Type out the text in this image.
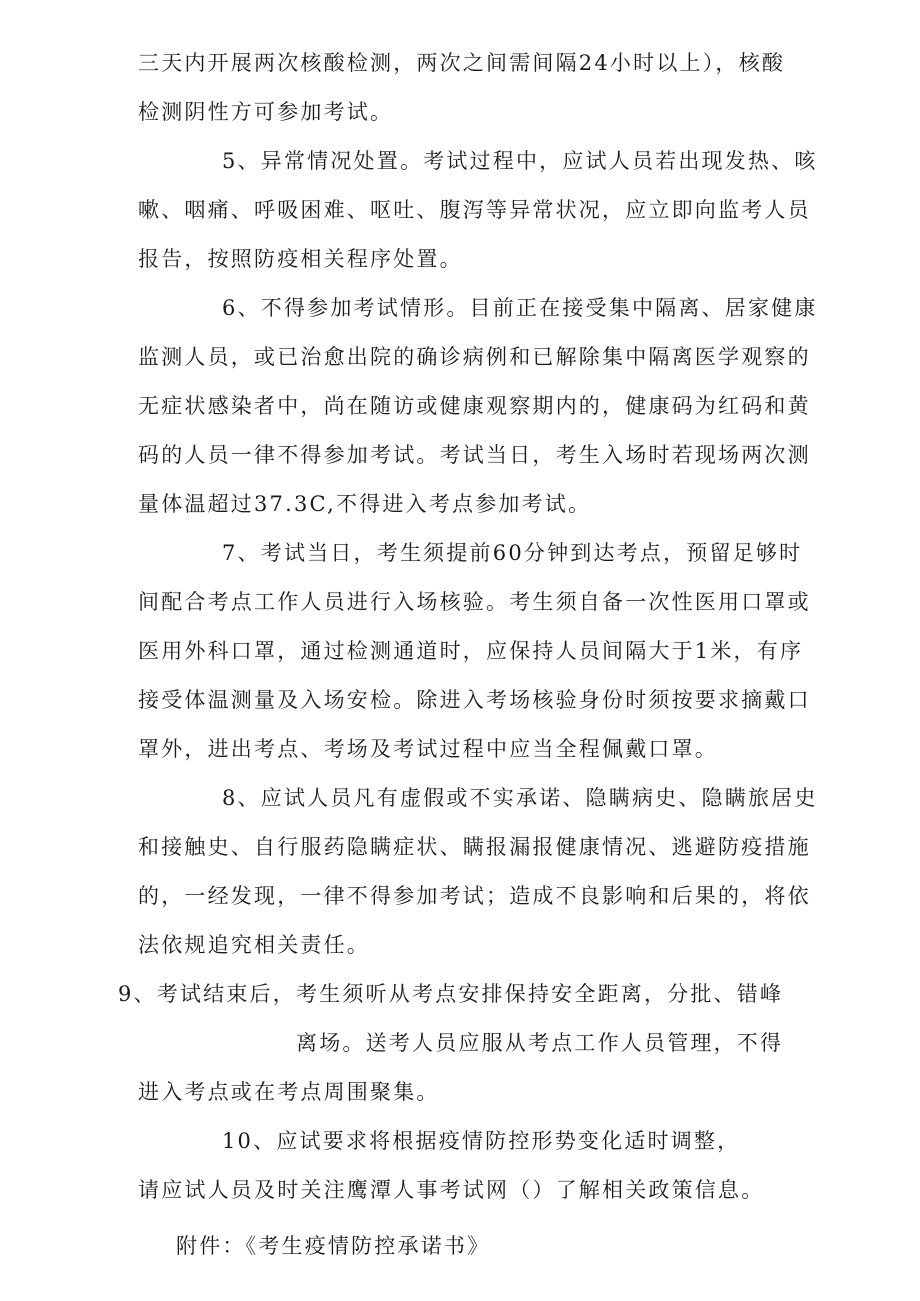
三天内开展两次核酸检测，两次之间需间隔24小时以上），核酸
检测阴性方可参加考试。
5、异常情况处置。考试过程中，应试人员若出现发热、咳
嗽、咽痛、呼吸困难、呕吐、腹泻等异常状况，应立即向监考人员
报告，按照防疫相关程序处置。
6、不得参加考试情形。目前正在接受集中隔离、居家健康
监测人员，或已治愈出院的确诊病例和已解除集中隔离医学观察的
无症状感染者中，尚在随访或健康观察期内的，健康码为红码和黄
码的人员一律不得参加考试。考试当日，考生入场时若现场两次测
量体温超过37.3C,不得进入考点参加考试。
7、考试当日，考生须提前60分钟到达考点，预留足够时
间配合考点工作人员进行入场核验。考生须自备一次性医用口罩或
医用外科口罩，通过检测通道时，应保持人员间隔大于1米，有序
接受体温测量及入场安检。除进入考场核验身份时须按要求摘戴口
罩外，进出考点、考场及考试过程中应当全程佩戴口罩。
8、应试人员凡有虚假或不实承诺、隐瞒病史、隐瞒旅居史
和接触史、自行服药隐瞒症状、瞒报漏报健康情况、逃避防疫措施
的，一经发现，一律不得参加考试；造成不良影响和后果的，将依
法依规追究相关责任。
9、考试结束后，考生须听从考点安排保持安全距离，分批、错峰
离场。送考人员应服从考点工作人员管理，不得
进入考点或在考点周围聚集。
10、应试要求将根据疫情防控形势变化适时调整，
请应试人员及时关注鹰潭人事考试网（）了解相关政策信息。
附件：《考生疫情防控承诺书》
